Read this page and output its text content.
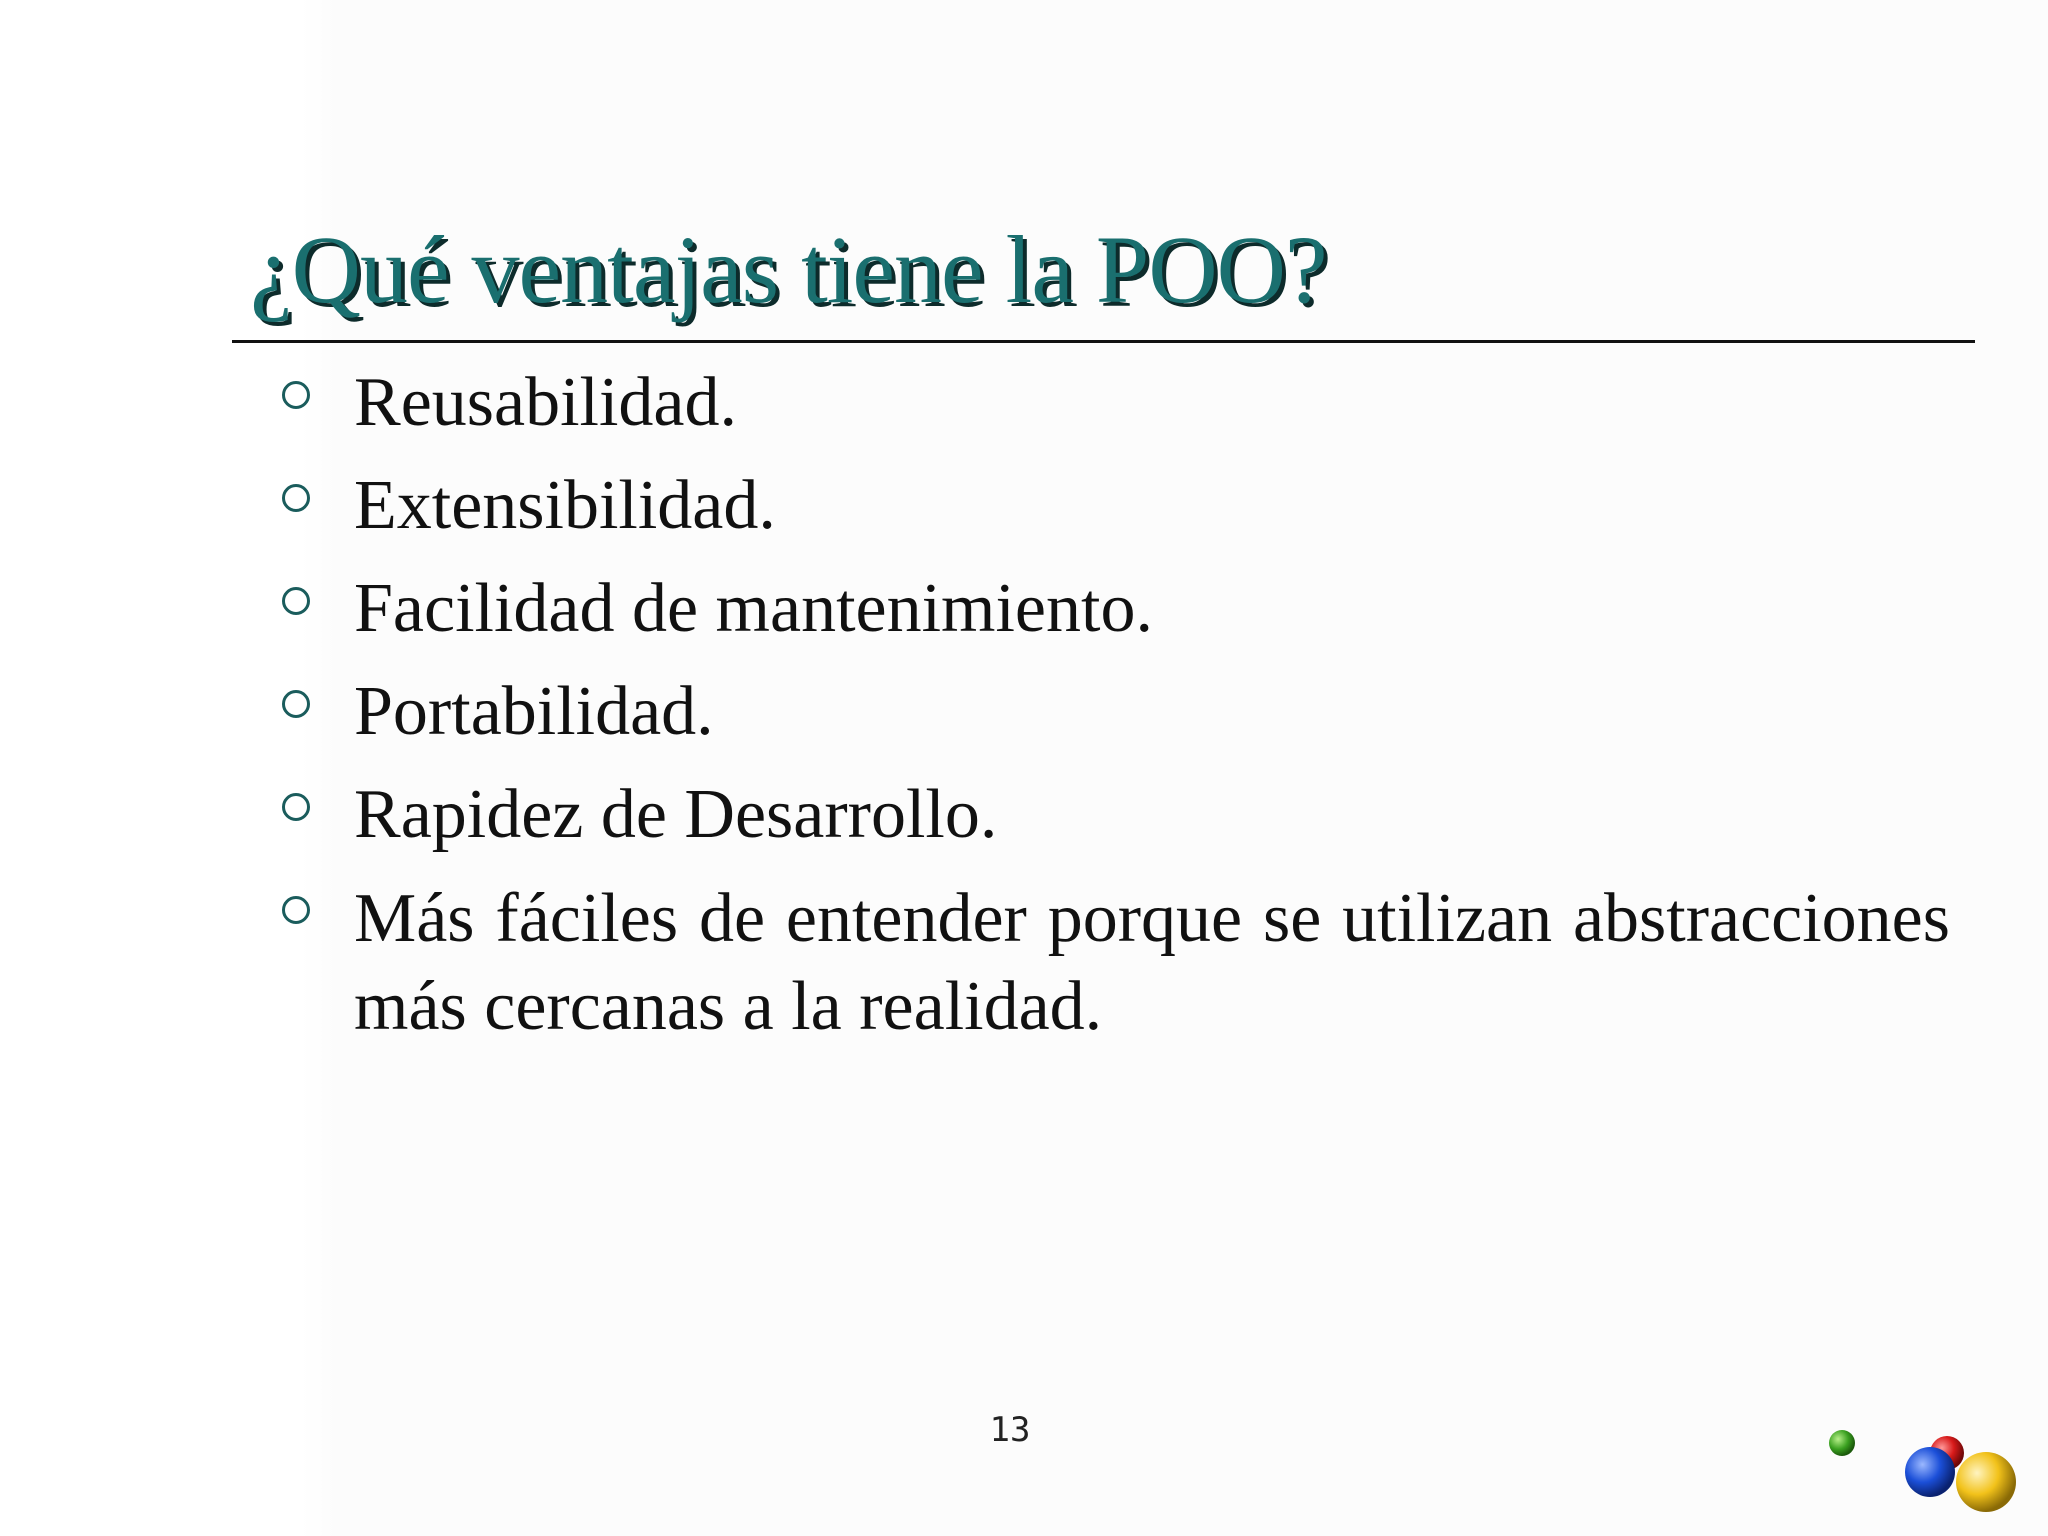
¿Qué ventajas tiene la POO?
Reusabilidad.
Extensibilidad.
Facilidad de mantenimiento.
Portabilidad.
Rapidez de Desarrollo.
Más fáciles de entender porque se utilizan abstracciones más cercanas a la realidad.
13
